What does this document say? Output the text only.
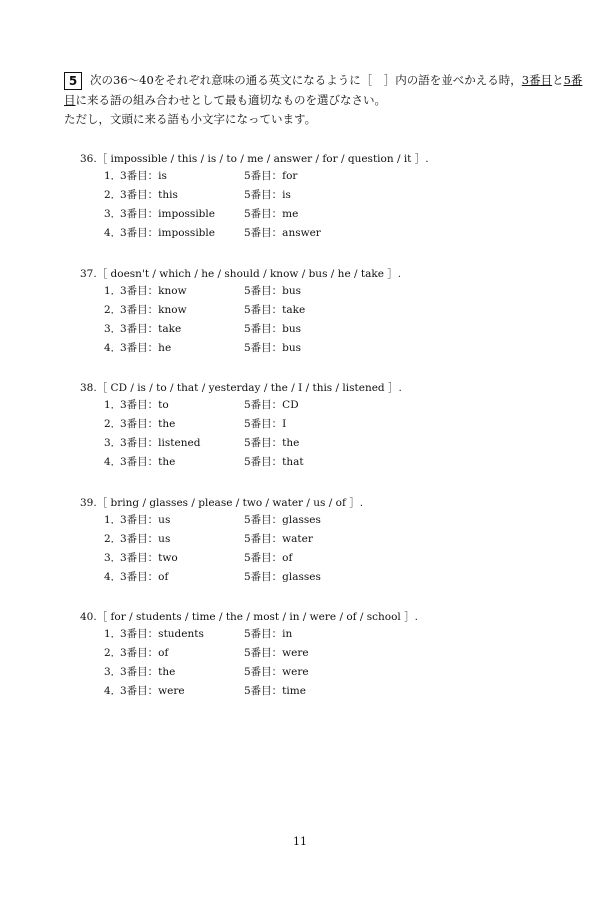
5	次の36～40をそれぞれ意味の通る英文になるように［　］内の語を並べかえる時，3番目と5番
目に来る語の組み合わせとして最も適切なものを選びなさい。
ただし，文頭に来る語も小文字になっています。
36.［ impossible / this / is / to / me / answer / for / question / it ］.
1．
3番目：is	5番目：for
2．
3番目：this	5番目：is
3．
3番目：impossible	5番目：me
4．
3番目：impossible	5番目：answer
37.［ doesn't / which / he / should / know / bus / he / take ］.
1．
3番目：know	5番目：bus
2．
3番目：know	5番目：take
3．
3番目：take	5番目：bus
4．
3番目：he	5番目：bus
38.［ CD / is / to / that / yesterday / the / I / this / listened ］.
1．
3番目：to	5番目：CD
2．
3番目：the	5番目：I
3．
3番目：listened	5番目：the
4．
3番目：the	5番目：that
39.［ bring / glasses / please / two / water / us / of ］.
1．
3番目：us	5番目：glasses
2．
3番目：us	5番目：water
3．
3番目：two	5番目：of
4．
3番目：of	5番目：glasses
40.［ for / students / time / the / most / in / were / of / school ］.
1．
3番目：students	5番目：in
2．
3番目：of	5番目：were
3．
3番目：the	5番目：were
4．
3番目：were	5番目：time
11
